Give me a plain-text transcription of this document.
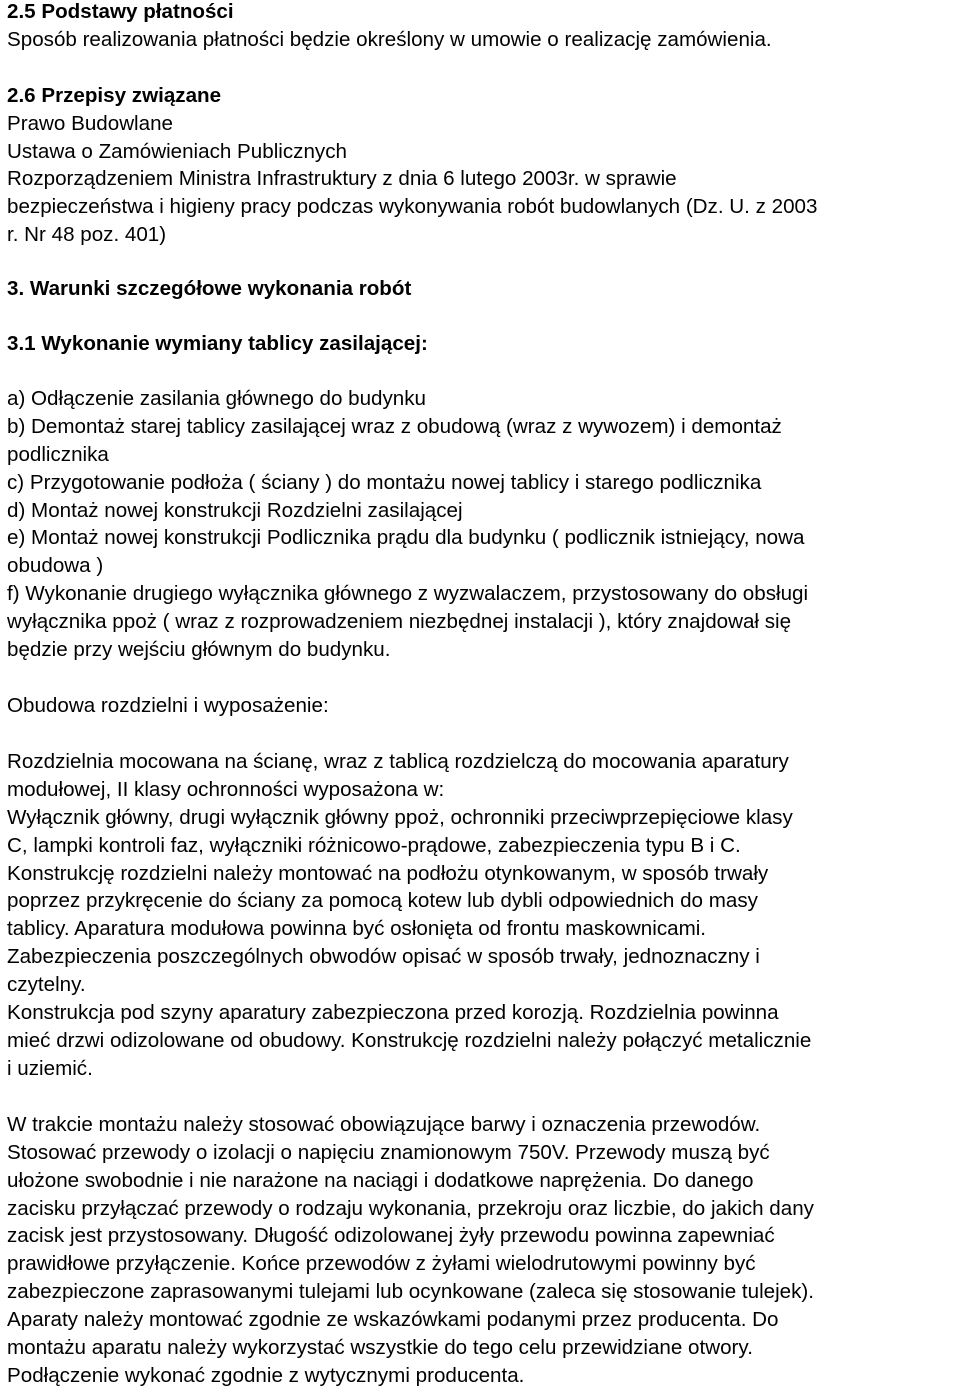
2.5 Podstawy płatności
Sposób realizowania płatności będzie określony w umowie o realizację zamówienia.
2.6 Przepisy związane
Prawo Budowlane
Ustawa o Zamówieniach Publicznych
Rozporządzeniem Ministra Infrastruktury z dnia 6 lutego 2003r. w sprawie
bezpieczeństwa i higieny pracy podczas wykonywania robót budowlanych (Dz. U. z 2003
r. Nr 48 poz. 401)
3. Warunki szczegółowe wykonania robót
3.1 Wykonanie wymiany tablicy zasilającej:
a) Odłączenie zasilania głównego do budynku
b) Demontaż starej tablicy zasilającej wraz z obudową (wraz z wywozem) i demontaż
podlicznika
c) Przygotowanie podłoża ( ściany ) do montażu nowej tablicy i starego podlicznika
d) Montaż nowej konstrukcji Rozdzielni zasilającej
e) Montaż nowej konstrukcji Podlicznika prądu dla budynku ( podlicznik istniejący, nowa
obudowa )
f) Wykonanie drugiego wyłącznika głównego z wyzwalaczem, przystosowany do obsługi
wyłącznika ppoż ( wraz z rozprowadzeniem niezbędnej instalacji ), który znajdował się
będzie przy wejściu głównym do budynku.
Obudowa rozdzielni i wyposażenie:
Rozdzielnia mocowana na ścianę, wraz z tablicą rozdzielczą do mocowania aparatury
modułowej, II klasy ochronności wyposażona w:
Wyłącznik główny, drugi wyłącznik główny ppoż, ochronniki przeciwprzepięciowe klasy
C, lampki kontroli faz, wyłączniki różnicowo-prądowe, zabezpieczenia typu B i C.
Konstrukcję rozdzielni należy montować na podłożu otynkowanym, w sposób trwały
poprzez przykręcenie do ściany za pomocą kotew lub dybli odpowiednich do masy
tablicy. Aparatura modułowa powinna być osłonięta od frontu maskownicami.
Zabezpieczenia poszczególnych obwodów opisać w sposób trwały, jednoznaczny i
czytelny.
Konstrukcja pod szyny aparatury zabezpieczona przed korozją. Rozdzielnia powinna
mieć drzwi odizolowane od obudowy. Konstrukcję rozdzielni należy połączyć metalicznie
i uziemić.
W trakcie montażu należy stosować obowiązujące barwy i oznaczenia przewodów.
Stosować przewody o izolacji o napięciu znamionowym 750V. Przewody muszą być
ułożone swobodnie i nie narażone na naciągi i dodatkowe naprężenia. Do danego
zacisku przyłączać przewody o rodzaju wykonania, przekroju oraz liczbie, do jakich dany
zacisk jest przystosowany. Długość odizolowanej żyły przewodu powinna zapewniać
prawidłowe przyłączenie. Końce przewodów z żyłami wielodrutowymi powinny być
zabezpieczone zaprasowanymi tulejami lub ocynkowane (zaleca się stosowanie tulejek).
Aparaty należy montować zgodnie ze wskazówkami podanymi przez producenta. Do
montażu aparatu należy wykorzystać wszystkie do tego celu przewidziane otwory.
Podłączenie wykonać zgodnie z wytycznymi producenta.
